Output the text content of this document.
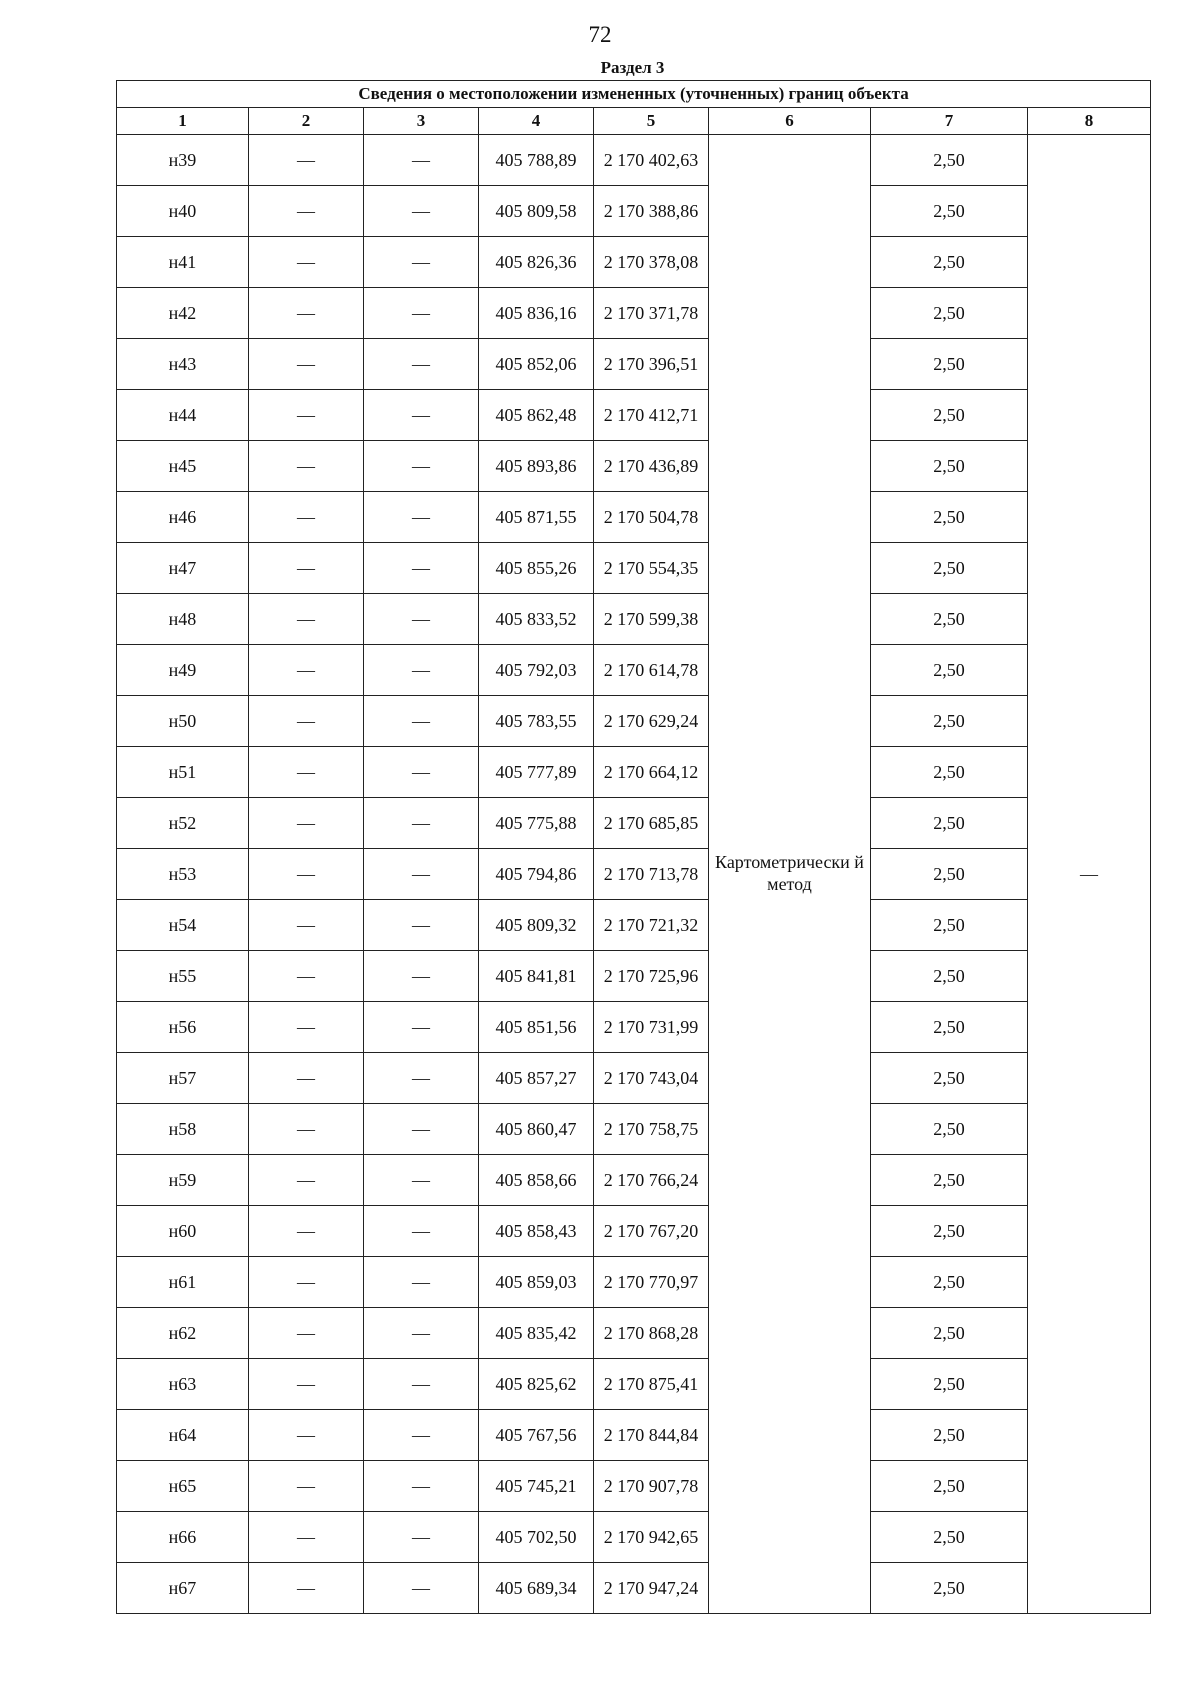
72
Раздел 3
Сведения о местоположении измененных (уточненных) границ объекта							
1	2	3	4	5	6	7	8
н39	—	—	405 788,89	2 170 402,63	Картометрически й метод	2,50	—
н40	—	—	405 809,58	2 170 388,86		2,50	
н41	—	—	405 826,36	2 170 378,08		2,50	
н42	—	—	405 836,16	2 170 371,78		2,50	
н43	—	—	405 852,06	2 170 396,51		2,50	
н44	—	—	405 862,48	2 170 412,71		2,50	
н45	—	—	405 893,86	2 170 436,89		2,50	
н46	—	—	405 871,55	2 170 504,78		2,50	
н47	—	—	405 855,26	2 170 554,35		2,50	
н48	—	—	405 833,52	2 170 599,38		2,50	
н49	—	—	405 792,03	2 170 614,78		2,50	
н50	—	—	405 783,55	2 170 629,24		2,50	
н51	—	—	405 777,89	2 170 664,12		2,50	
н52	—	—	405 775,88	2 170 685,85		2,50	
н53	—	—	405 794,86	2 170 713,78		2,50	
н54	—	—	405 809,32	2 170 721,32		2,50	
н55	—	—	405 841,81	2 170 725,96		2,50	
н56	—	—	405 851,56	2 170 731,99		2,50	
н57	—	—	405 857,27	2 170 743,04		2,50	
н58	—	—	405 860,47	2 170 758,75		2,50	
н59	—	—	405 858,66	2 170 766,24		2,50	
н60	—	—	405 858,43	2 170 767,20		2,50	
н61	—	—	405 859,03	2 170 770,97		2,50	
н62	—	—	405 835,42	2 170 868,28		2,50	
н63	—	—	405 825,62	2 170 875,41		2,50	
н64	—	—	405 767,56	2 170 844,84		2,50	
н65	—	—	405 745,21	2 170 907,78		2,50	
н66	—	—	405 702,50	2 170 942,65		2,50	
н67	—	—	405 689,34	2 170 947,24		2,50	
